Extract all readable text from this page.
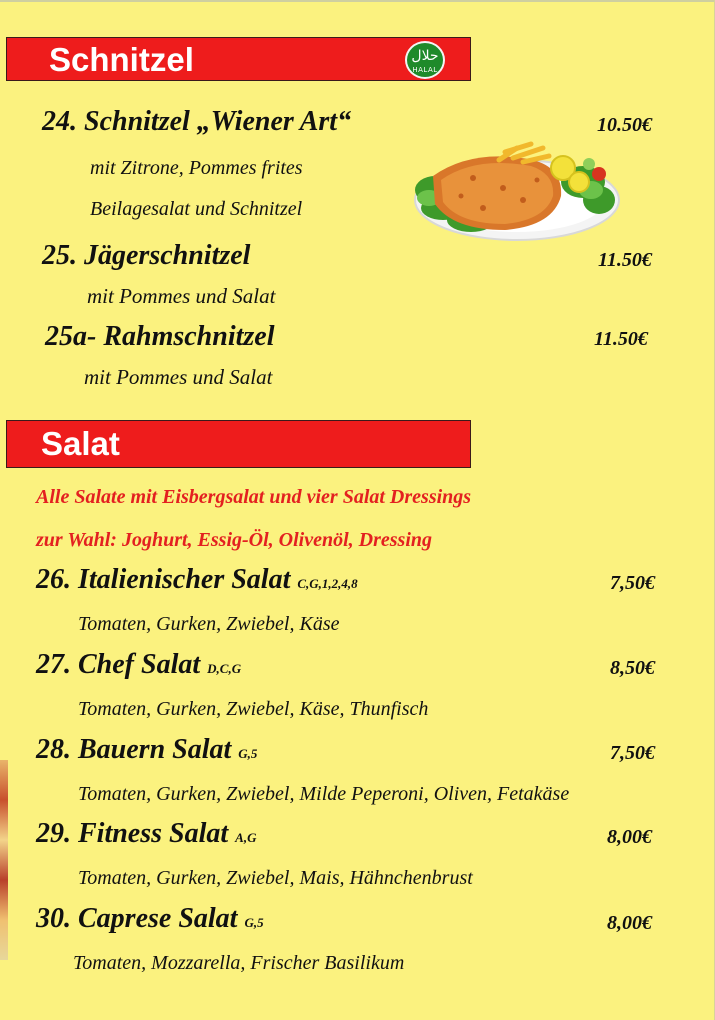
Schnitzel	حلال
HALAL
24. Schnitzel „Wiener Art“	10.50€
mit Zitrone, Pommes frites
Beilagesalat und Schnitzel
25. Jägerschnitzel	11.50€
mit Pommes und Salat
25a- Rahmschnitzel	11.50€
mit Pommes und Salat
Salat
Alle Salate mit Eisbergsalat und vier Salat Dressings
zur Wahl: Joghurt, Essig-Öl, Olivenöl, Dressing
26. Italienischer Salat C,G,1,2,4,8	7,50€
Tomaten, Gurken, Zwiebel, Käse
27. Chef Salat D,C,G	8,50€
Tomaten, Gurken, Zwiebel, Käse, Thunfisch
28. Bauern Salat G,5	7,50€
Tomaten, Gurken, Zwiebel, Milde Peperoni, Oliven, Fetakäse
29. Fitness Salat A,G	8,00€
Tomaten, Gurken, Zwiebel, Mais, Hähnchenbrust
30. Caprese Salat G,5	8,00€
Tomaten, Mozzarella, Frischer Basilikum
